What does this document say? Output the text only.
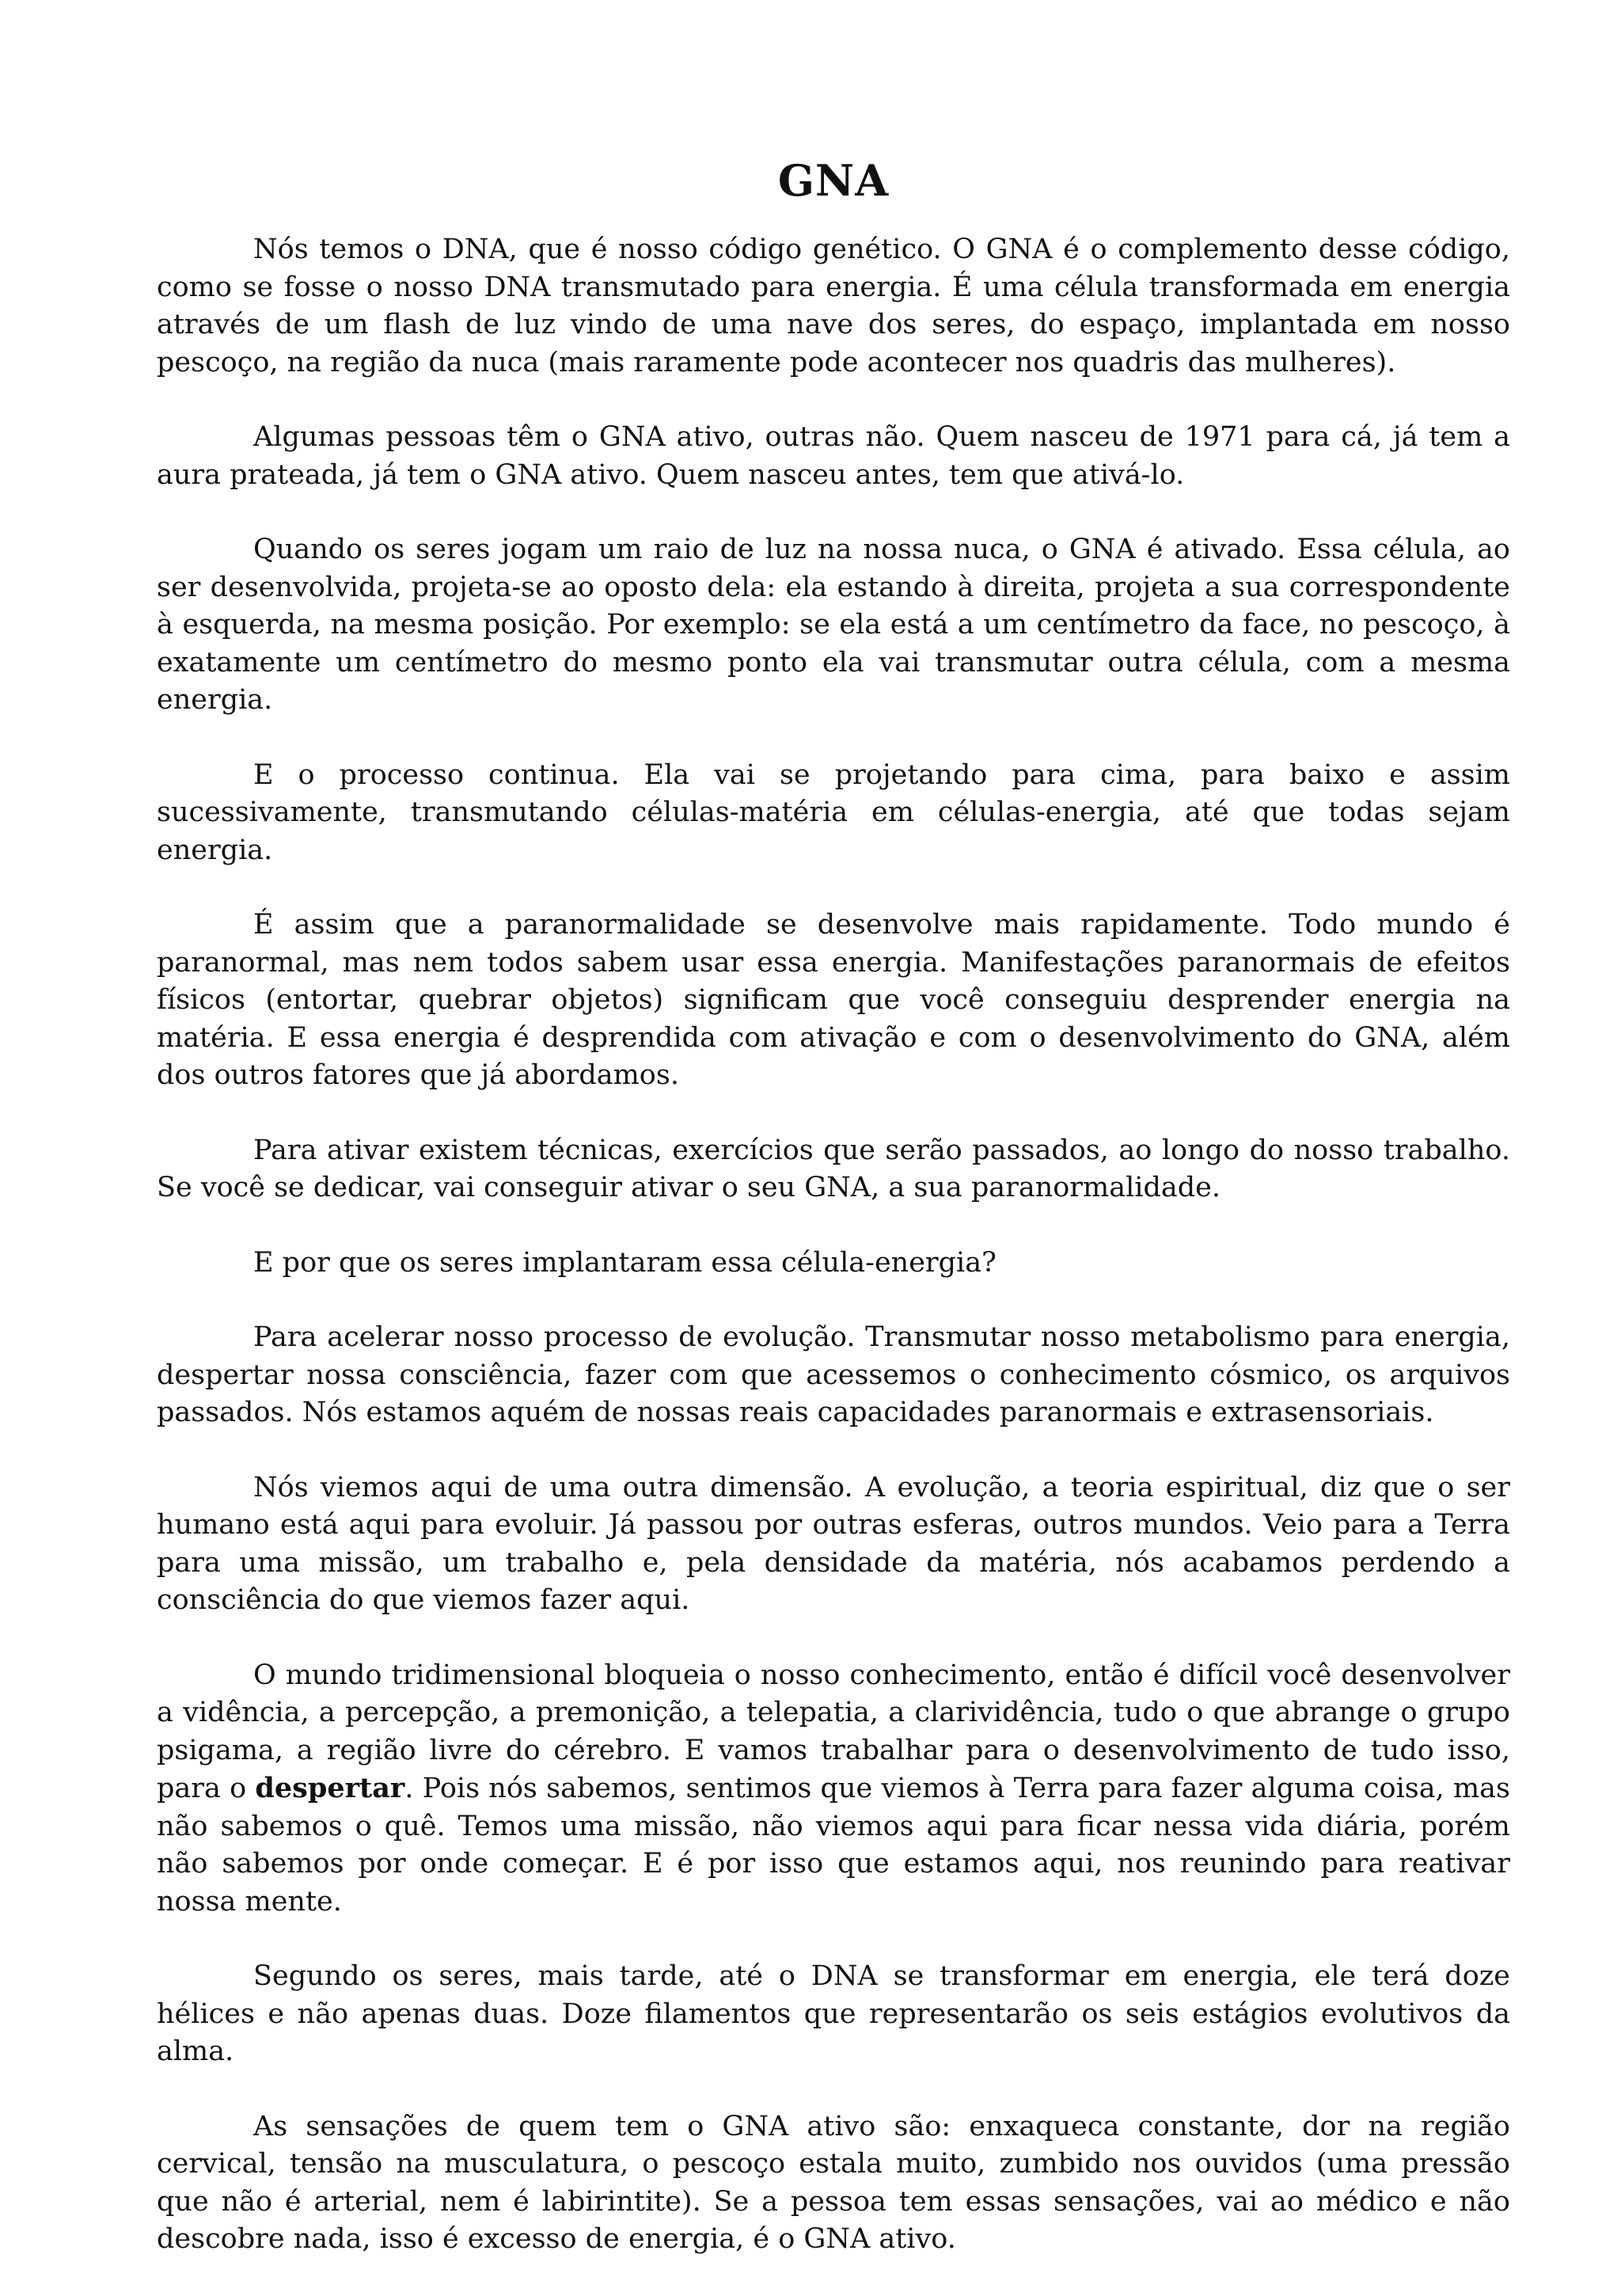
GNA

Nós temos o DNA, que é nosso código genético. O GNA é o complemento desse código, como se fosse o nosso DNA transmutado para energia. É uma célula transformada em energia através de um flash de luz vindo de uma nave dos seres, do espaço, implantada em nosso pescoço, na região da nuca (mais raramente pode acontecer nos quadris das mulheres).

Algumas pessoas têm o GNA ativo, outras não. Quem nasceu de 1971 para cá, já tem a aura prateada, já tem o GNA ativo. Quem nasceu antes, tem que ativá-lo.

Quando os seres jogam um raio de luz na nossa nuca, o GNA é ativado. Essa célula, ao ser desenvolvida, projeta-se ao oposto dela: ela estando à direita, projeta a sua correspondente à esquerda, na mesma posição. Por exemplo: se ela está a um centímetro da face, no pescoço, à exatamente um centímetro do mesmo ponto ela vai transmutar outra célula, com a mesma energia.

E o processo continua. Ela vai se projetando para cima, para baixo e assim sucessivamente, transmutando células-matéria em células-energia, até que todas sejam energia.

É assim que a paranormalidade se desenvolve mais rapidamente. Todo mundo é paranormal, mas nem todos sabem usar essa energia. Manifestações paranormais de efeitos físicos (entortar, quebrar objetos) significam que você conseguiu desprender energia na matéria. E essa energia é desprendida com ativação e com o desenvolvimento do GNA, além dos outros fatores que já abordamos.

Para ativar existem técnicas, exercícios que serão passados, ao longo do nosso trabalho. Se você se dedicar, vai conseguir ativar o seu GNA, a sua paranormalidade.

E por que os seres implantaram essa célula-energia?

Para acelerar nosso processo de evolução. Transmutar nosso metabolismo para energia, despertar nossa consciência, fazer com que acessemos o conhecimento cósmico, os arquivos passados. Nós estamos aquém de nossas reais capacidades paranormais e extrasensoriais.

Nós viemos aqui de uma outra dimensão. A evolução, a teoria espiritual, diz que o ser humano está aqui para evoluir. Já passou por outras esferas, outros mundos. Veio para a Terra para uma missão, um trabalho e, pela densidade da matéria, nós acabamos perdendo a consciência do que viemos fazer aqui.

O mundo tridimensional bloqueia o nosso conhecimento, então é difícil você desenvolver a vidência, a percepção, a premonição, a telepatia, a clarividência, tudo o que abrange o grupo psigama, a região livre do cérebro. E vamos trabalhar para o desenvolvimento de tudo isso, para o despertar. Pois nós sabemos, sentimos que viemos à Terra para fazer alguma coisa, mas não sabemos o quê. Temos uma missão, não viemos aqui para ficar nessa vida diária, porém não sabemos por onde começar. E é por isso que estamos aqui, nos reunindo para reativar nossa mente.

Segundo os seres, mais tarde, até o DNA se transformar em energia, ele terá doze hélices e não apenas duas. Doze filamentos que representarão os seis estágios evolutivos da alma.

As sensações de quem tem o GNA ativo são: enxaqueca constante, dor na região cervical, tensão na musculatura, o pescoço estala muito, zumbido nos ouvidos (uma pressão que não é arterial, nem é labirintite). Se a pessoa tem essas sensações, vai ao médico e não descobre nada, isso é excesso de energia, é o GNA ativo.
